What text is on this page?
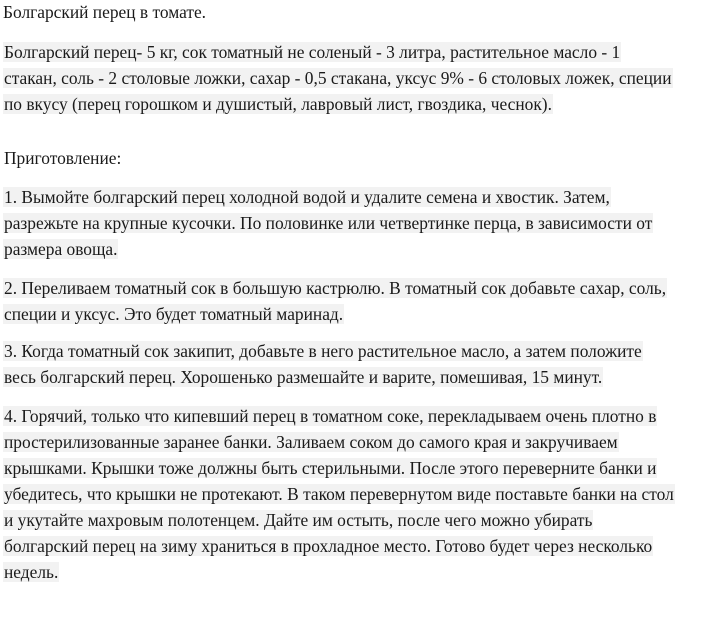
Болгарский перец в томате.
Болгарский перец- 5 кг, сок томатный не соленый - 3 литра, растительное масло - 1
стакан, соль - 2 столовые ложки, сахар - 0,5 стакана, уксус 9% - 6 столовых ложек, специи
по вкусу (перец горошком и душистый, лавровый лист, гвоздика, чеснок).
Приготовление:
1. Вымойте болгарский перец холодной водой и удалите семена и хвостик. Затем,
разрежьте на крупные кусочки. По половинке или четвертинке перца, в зависимости от
размера овоща.
2. Переливаем томатный сок в большую кастрюлю. В томатный сок добавьте сахар, соль,
специи и уксус. Это будет томатный маринад.
3. Когда томатный сок закипит, добавьте в него растительное масло, а затем положите
весь болгарский перец. Хорошенько размешайте и варите, помешивая, 15 минут.
4. Горячий, только что кипевший перец в томатном соке, перекладываем очень плотно в
простерилизованные заранее банки. Заливаем соком до самого края и закручиваем
крышками. Крышки тоже должны быть стерильными. После этого переверните банки и
убедитесь, что крышки не протекают. В таком перевернутом виде поставьте банки на стол
и укутайте махровым полотенцем. Дайте им остыть, после чего можно убирать
болгарский перец на зиму храниться в прохладное место. Готово будет через несколько
недель.
